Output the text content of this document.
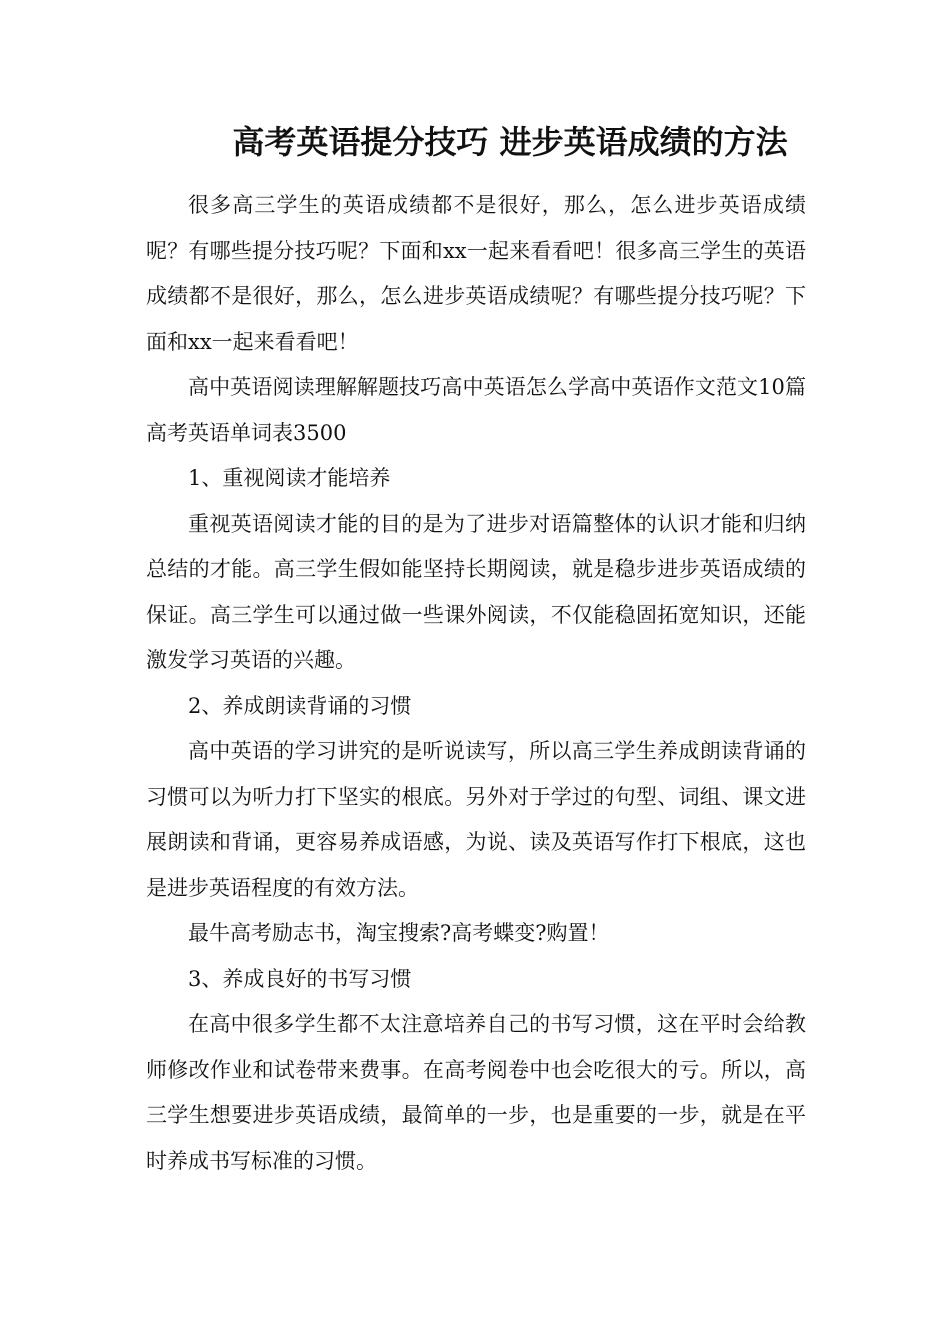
高考英语提分技巧 进步英语成绩的方法

很多高三学生的英语成绩都不是很好，那么，怎么进步英语成绩呢？有哪些提分技巧呢？下面和xx一起来看看吧！很多高三学生的英语成绩都不是很好，那么，怎么进步英语成绩呢？有哪些提分技巧呢？下面和xx一起来看看吧！

高中英语阅读理解解题技巧高中英语怎么学高中英语作文范文10篇高考英语单词表3500

1、重视阅读才能培养

重视英语阅读才能的目的是为了进步对语篇整体的认识才能和归纳总结的才能。高三学生假如能坚持长期阅读，就是稳步进步英语成绩的保证。高三学生可以通过做一些课外阅读，不仅能稳固拓宽知识，还能激发学习英语的兴趣。

2、养成朗读背诵的习惯

高中英语的学习讲究的是听说读写，所以高三学生养成朗读背诵的习惯可以为听力打下坚实的根底。另外对于学过的句型、词组、课文进展朗读和背诵，更容易养成语感，为说、读及英语写作打下根底，这也是进步英语程度的有效方法。

最牛高考励志书，淘宝搜索?高考蝶变?购置！

3、养成良好的书写习惯

在高中很多学生都不太注意培养自己的书写习惯，这在平时会给教师修改作业和试卷带来费事。在高考阅卷中也会吃很大的亏。所以，高三学生想要进步英语成绩，最简单的一步，也是重要的一步，就是在平时养成书写标准的习惯。
